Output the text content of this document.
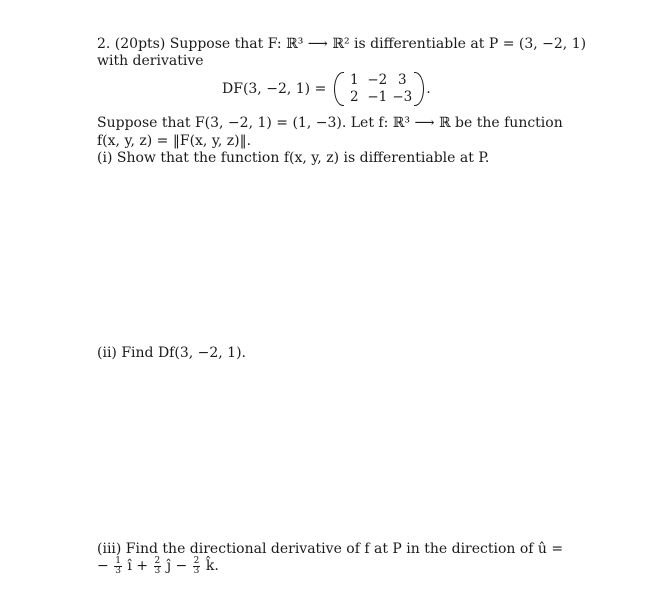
2. (20pts) Suppose that F: ℝ³ ⟶ ℝ² is differentiable at P = (3, −2, 1)
with derivative
DF(3, −2, 1) =
1 −2 3
2 −1 −3 .
Suppose that F(3, −2, 1) = (1, −3). Let f: ℝ³ ⟶ ℝ be the function
f(x, y, z) = ‖F(x, y, z)‖.
(i) Show that the function f(x, y, z) is differentiable at P.
(ii) Find Df(3, −2, 1).
(iii) Find the directional derivative of f at P in the direction of û =
− $\frac{1}{3}$ î + $\frac{2}{3}$ ĵ − $\frac{2}{3}$ k̂.
